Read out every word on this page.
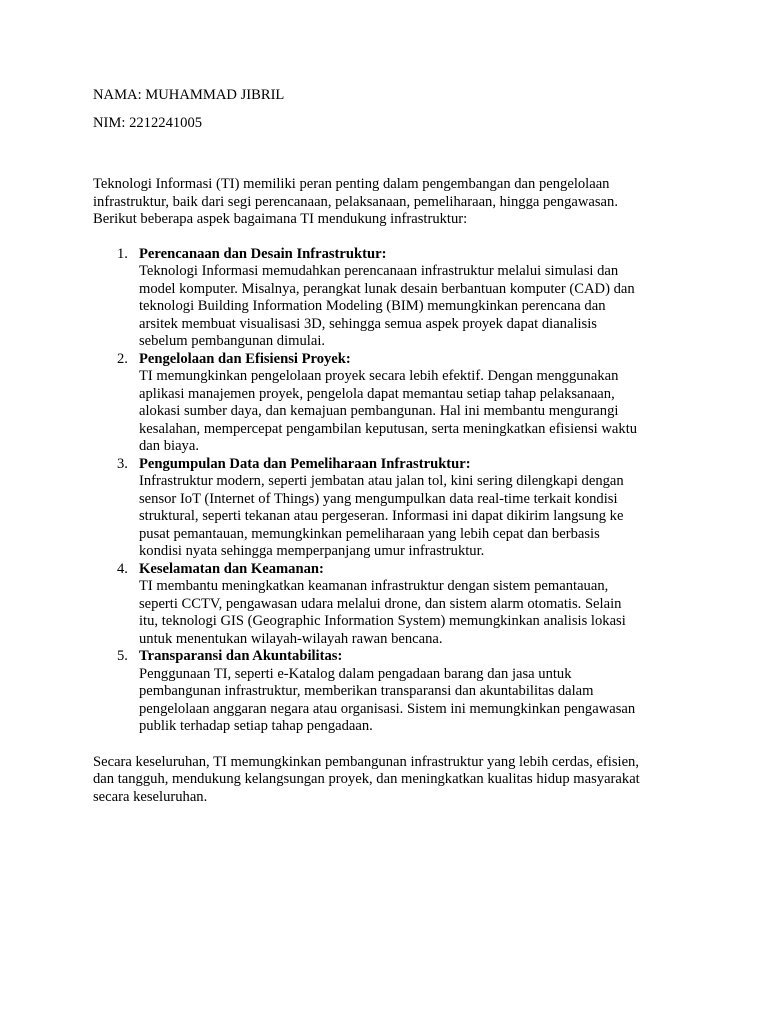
NAMA: MUHAMMAD JIBRIL

NIM: 2212241005

Teknologi Informasi (TI) memiliki peran penting dalam pengembangan dan pengelolaan
infrastruktur, baik dari segi perencanaan, pelaksanaan, pemeliharaan, hingga pengawasan.
Berikut beberapa aspek bagaimana TI mendukung infrastruktur:

1. Perencanaan dan Desain Infrastruktur:
Teknologi Informasi memudahkan perencanaan infrastruktur melalui simulasi dan
model komputer. Misalnya, perangkat lunak desain berbantuan komputer (CAD) dan
teknologi Building Information Modeling (BIM) memungkinkan perencana dan
arsitek membuat visualisasi 3D, sehingga semua aspek proyek dapat dianalisis
sebelum pembangunan dimulai.
2. Pengelolaan dan Efisiensi Proyek:
TI memungkinkan pengelolaan proyek secara lebih efektif. Dengan menggunakan
aplikasi manajemen proyek, pengelola dapat memantau setiap tahap pelaksanaan,
alokasi sumber daya, dan kemajuan pembangunan. Hal ini membantu mengurangi
kesalahan, mempercepat pengambilan keputusan, serta meningkatkan efisiensi waktu
dan biaya.
3. Pengumpulan Data dan Pemeliharaan Infrastruktur:
Infrastruktur modern, seperti jembatan atau jalan tol, kini sering dilengkapi dengan
sensor IoT (Internet of Things) yang mengumpulkan data real-time terkait kondisi
struktural, seperti tekanan atau pergeseran. Informasi ini dapat dikirim langsung ke
pusat pemantauan, memungkinkan pemeliharaan yang lebih cepat dan berbasis
kondisi nyata sehingga memperpanjang umur infrastruktur.
4. Keselamatan dan Keamanan:
TI membantu meningkatkan keamanan infrastruktur dengan sistem pemantauan,
seperti CCTV, pengawasan udara melalui drone, dan sistem alarm otomatis. Selain
itu, teknologi GIS (Geographic Information System) memungkinkan analisis lokasi
untuk menentukan wilayah-wilayah rawan bencana.
5. Transparansi dan Akuntabilitas:
Penggunaan TI, seperti e-Katalog dalam pengadaan barang dan jasa untuk
pembangunan infrastruktur, memberikan transparansi dan akuntabilitas dalam
pengelolaan anggaran negara atau organisasi. Sistem ini memungkinkan pengawasan
publik terhadap setiap tahap pengadaan.

Secara keseluruhan, TI memungkinkan pembangunan infrastruktur yang lebih cerdas, efisien,
dan tangguh, mendukung kelangsungan proyek, dan meningkatkan kualitas hidup masyarakat
secara keseluruhan.
